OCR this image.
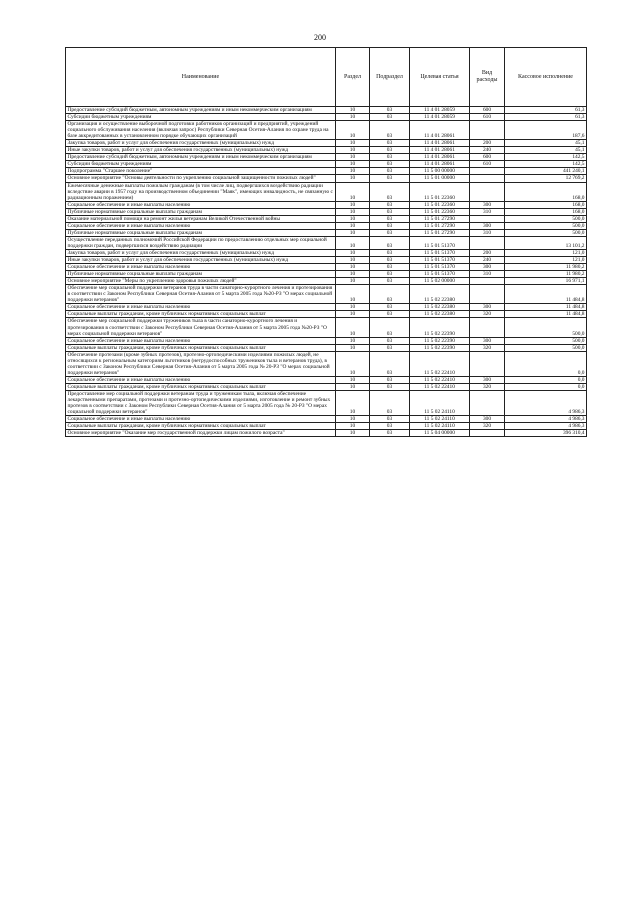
200
Наименование	Раздел	Подраздел	Целевая статья	Вид расходы	Кассовое исполнение
Предоставление субсидий бюджетным, автономным учреждениям и иным некоммерческим организациям	10	03	11 4 01 28059	600	61,3
Субсидии бюджетным учреждениям	10	03	11 4 01 28059	610	61,3
Организация и осуществление выборочной подготовки работников организаций и предприятий, учреждений социального обслуживания населения (включая запрос) Республики Северная Осетия-Алания по охране труда на базе аккредитованных в установленном порядке обучающих организаций	10	03	11 4 01 28061		187,6
Закупка товаров, работ и услуг для обеспечения государственных (муниципальных) нужд	10	03	11 4 01 28061	200	45,1
Иные закупки товаров, работ и услуг для обеспечения государственных (муниципальных) нужд	10	03	11 4 01 28061	240	45,1
Предоставление субсидий бюджетным, автономным учреждениям и иным некоммерческим организациям	10	03	11 4 01 28061	600	142,5
Субсидии бюджетным учреждениям	10	03	11 4 01 28061	610	142,5
Подпрограмма "Старшее поколение"	10	03	11 5 00 00000		441 240,1
Основное мероприятие "Основы деятельности по укреплению социальной защищенности пожилых людей"	10	03	11 5 01 00000		12 769,2
Ежемесячные денежные выплаты пожилым гражданам (в том числе лиц, подвергшихся воздействию радиации вследствие аварии в 1957 году на производственном объединении "Маяк", имеющих инвалидность, не связанную с радиационным поражением)	10	03	11 5 01 22360		168,0
Социальное обеспечение и иные выплаты населению	10	03	11 5 01 22360	300	168,0
Публичные нормативные социальные выплаты гражданам	10	03	11 5 01 22360	310	168,0
Оказание материальной помощи на ремонт жилья ветеранам Великой Отечественной войны	10	03	11 5 01 27290		500,0
Социальное обеспечение и иные выплаты населению	10	03	11 5 01 27290	300	500,0
Публичные нормативные социальные выплаты гражданам	10	03	11 5 01 27290	310	500,0
Осуществление переданных полномочий Российской Федерации по предоставлению отдельных мер социальной поддержки граждан, подвергшихся воздействию радиации	10	03	11 5 01 51370		13 101,2
Закупка товаров, работ и услуг для обеспечения государственных (муниципальных) нужд	10	03	11 5 01 51370	200	121,0
Иные закупки товаров, работ и услуг для обеспечения государственных (муниципальных) нужд	10	03	11 5 01 51370	240	121,0
Социальное обеспечение и иные выплаты населению	10	03	11 5 01 51370	300	11 980,2
Публичные нормативные социальные выплаты гражданам	10	03	11 5 01 51370	310	11 980,2
Основное мероприятие "Меры по укреплению здоровья пожилых людей"	10	03	11 5 02 00000		16 971,1
Обеспечение мер социальной поддержки ветеранов труда в части санаторно-курортного лечения и протезирования в соответствии с Законом Республики Северная Осетия-Алания от 5 марта 2005 года №20-РЗ "О мерах социальной поддержки ветеранов"	10	03	11 5 02 22380		11 484,8
Социальное обеспечение и иные выплаты населению	10	03	11 5 02 22380	300	11 484,8
Социальные выплаты гражданам, кроме публичных нормативных социальных выплат	10	03	11 5 02 22380	320	11 484,8
Обеспечение мер социальной поддержки тружеников тыла в части санаторно-курортного лечения и протезирования в соответствии с Законом Республики Северная Осетия-Алания от 5 марта 2005 года №20-РЗ "О мерах социальной поддержки ветеранов"	10	03	11 5 02 22390		500,0
Социальное обеспечение и иные выплаты населению	10	03	11 5 02 22390	300	500,0
Социальные выплаты гражданам, кроме публичных нормативных социальных выплат	10	03	11 5 02 22390	320	500,0
Обеспечение протезами (кроме зубных протезов), протезно-ортопедическими изделиями пожилых людей, не относящихся к региональным категориям льготников (нетрудоспособных тружеников тыла и ветеранов труда), в соответствии с Законом Республики Северная Осетия-Алания от 5 марта 2005 года № 20-РЗ "О мерах социальной поддержки ветеранов"	10	03	11 5 02 22410		0,0
Социальное обеспечение и иные выплаты населению	10	03	11 5 02 22410	300	0,0
Социальные выплаты гражданам, кроме публичных нормативных социальных выплат	10	03	11 5 02 22410	320	0,0
Предоставление мер социальной поддержки ветеранам труда и труженикам тыла, включая обеспечение лекарственными препаратами, протезами и протезно-ортопедическими изделиями, изготовление и ремонт зубных протезов в соответствии с Законом Республики Северная Осетия-Алания от 5 марта 2005 года № 20-РЗ "О мерах социальной поддержки ветеранов"	10	03	11 5 02 24110		4 986,3
Социальное обеспечение и иные выплаты населению	10	03	11 5 02 24110	300	4 986,3
Социальные выплаты гражданам, кроме публичных нормативных социальных выплат	10	03	11 5 02 24110	320	4 986,3
Основное мероприятие "Оказание мер государственной поддержки лицам пожилого возраста"	10	03	11 5 04 00000		396 310,4
